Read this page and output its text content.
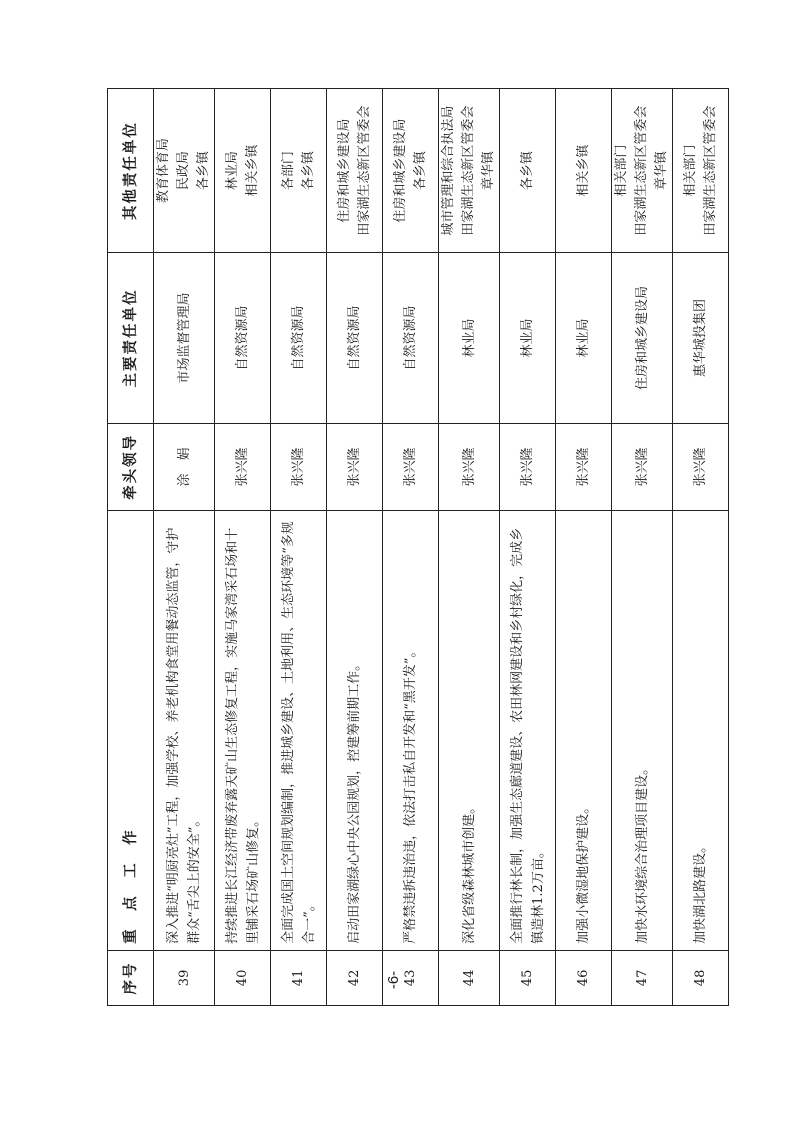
序号	重　点　工　作	牵头领导	主要责任单位	其他责任单位
39	深入推进“明厨亮灶”工程，加强学校、养老机构食堂用餐动态监管，守护群众“舌尖上的安全”。	涂　娟	市场监督管理局	教育体育局 民政局 各乡镇

40	持续推进长江经济带废弃露天矿山生态修复工程，实施马家湾采石场和十里铺采石场矿山修复。	张兴隆	自然资源局	林业局 相关乡镇

41	全面完成国土空间规划编制，推进城乡建设、土地利用、生态环境等“多规合一”。	张兴隆	自然资源局	各部门 各乡镇

42	启动田家湖绿心中央公园规划，控建筹前期工作。	张兴隆	自然资源局	住房和城乡建设局 田家湖生态新区管委会

43	严格禁违拆违治违，依法打击私自开发和“黑开发”。	张兴隆	自然资源局	住房和城乡建设局 各乡镇

44	深化省级森林城市创建。	张兴隆	林业局	城市管理和综合执法局 田家湖生态新区管委会 章华镇

45	全面推行林长制，加强生态廊道建设、农田林网建设和乡村绿化，完成乡镇造林1.2万亩。	张兴隆	林业局	各乡镇

46	加强小微湿地保护建设。	张兴隆	林业局	相关乡镇

47	加快水环境综合治理项目建设。	张兴隆	住房和城乡建设局	相关部门 田家湖生态新区管委会 章华镇

48	加快湖北路建设。	张兴隆	惠华城投集团	相关部门 田家湖生态新区管委会
-6-
